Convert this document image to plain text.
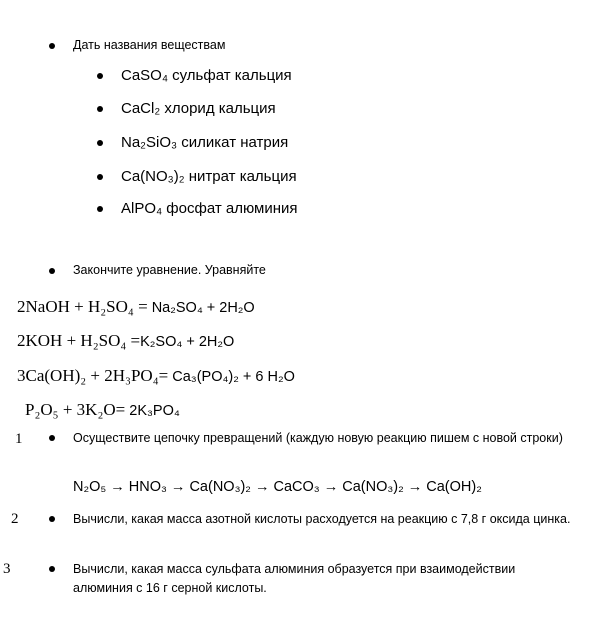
Дать названия веществам
CaSO₄ сульфат кальция
CaCl₂ хлорид кальция
Na₂SiO₃ силикат натрия
Ca(NO₃)₂ нитрат кальция
AlPO₄ фосфат алюминия
Закончите уравнение. Уравняйте
2NaOH + H₂SO₄ = Na₂SO₄ + 2H₂O
2KOH + H₂SO₄ =K₂SO₄ + 2H₂O
3Ca(OH)₂ + 2H₃PO₄= Ca₃(PO₄)₂ + 6 H₂O
P₂O₅ + 3K₂O= 2K₃PO₄
1	Осуществите цепочку превращений (каждую новую реакцию пишем с новой строки)
N₂O₅ → HNO₃ → Ca(NO₃)₂ → CaCO₃ → Ca(NO₃)₂ → Ca(OH)₂
2	Вычисли, какая масса азотной кислоты расходуется на реакцию с 7,8 г оксида цинка.
3	Вычисли, какая масса сульфата алюминия образуется при взаимодействии алюминия с 16 г серной кислоты.
